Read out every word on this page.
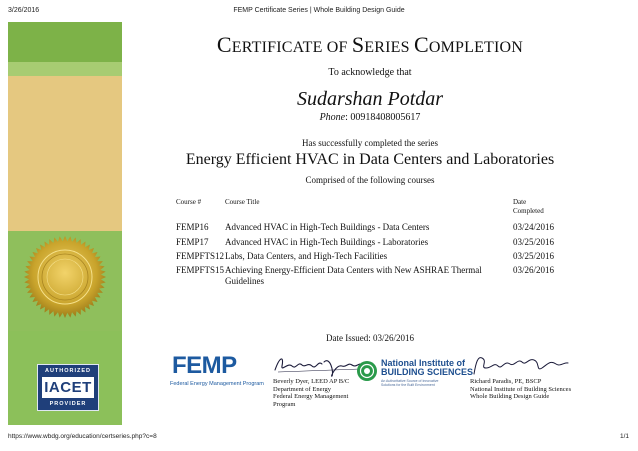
3/26/2016	FEMP Certificate Series | Whole Building Design Guide
https://www.wbdg.org/education/certseries.php?c=8	1/1
AUTHORIZED
IACET
PROVIDER
CERTIFICATE OF SERIES COMPLETION
To acknowledge that
Sudarshan Potdar
Phone: 00918408005617
Has successfully completed the series
Energy Efficient HVAC in Data Centers and Laboratories
Comprised of the following courses
Course #	Course Title	Date
Completed
FEMP16 Advanced HVAC in High-Tech Buildings - Data Centers	03/24/2016
FEMP17 Advanced HVAC in High-Tech Buildings - Laboratories	03/25/2016
FEMPFTS12 Labs, Data Centers, and High-Tech Facilities	03/25/2016
FEMPFTS15 Achieving Energy-Efficient Data Centers with New ASHRAE Thermal Guidelines
03/26/2016
Date Issued: 03/26/2016
FEMP
Federal Energy Management Program Beverly Dyer, LEED AP B/C
Department of Energy
Federal Energy Management
Program
National Institute of
BUILDING SCIENCES
An Authoritative Source of Innovative Solutions for the Built Environment	Richard Paradis, PE, BSCP
National Institute of Building Sciences
Whole Building Design Guide
